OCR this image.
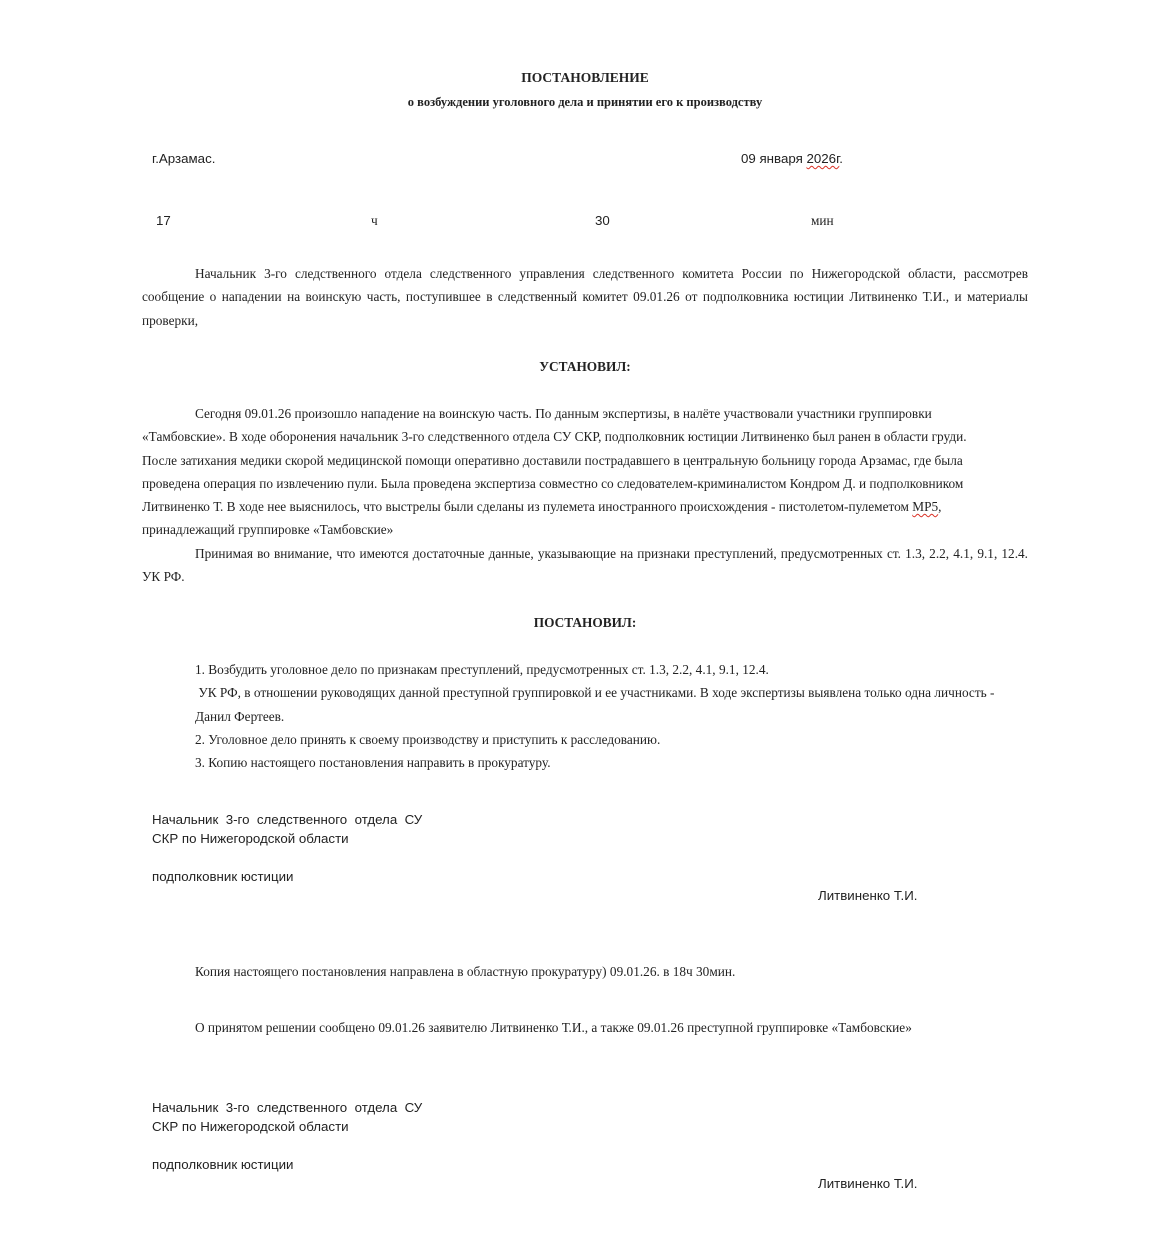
ПОСТАНОВЛЕНИЕ
о возбуждении уголовного дела и принятии его к производству
г.Арзамас.	09 января 2026г.
17	ч	30	мин
Начальник 3-го следственного отдела следственного управления следственного комитета России по Нижегородской области, рассмотрев сообщение о нападении на воинскую часть, поступившее в следственный комитет 09.01.26 от подполковника юстиции Литвиненко Т.И., и материалы проверки,
УСТАНОВИЛ:
Сегодня 09.01.26 произошло нападение на воинскую часть. По данным экспертизы, в налёте участвовали участники группировки
«Тамбовские». В ходе оборонения начальник 3-го следственного отдела СУ СКР, подполковник юстиции Литвиненко был ранен в области груди.
После затихания медики скорой медицинской помощи оперативно доставили пострадавшего в центральную больницу города Арзамас, где была
проведена операция по извлечению пули. Была проведена экспертиза совместно со следователем-криминалистом Кондром Д. и подполковником
Литвиненко Т. В ходе нее выяснилось, что выстрелы были сделаны из пулемета иностранного происхождения - пистолетом-пулеметом MP5,
принадлежащий группировке «Тамбовские»
Принимая во внимание, что имеются достаточные данные, указывающие на признаки преступлений, предусмотренных ст. 1.3, 2.2, 4.1, 9.1, 12.4. УК РФ.
ПОСТАНОВИЛ:
1. Возбудить уголовное дело по признакам преступлений, предусмотренных ст. 1.3, 2.2, 4.1, 9.1, 12.4.
УК РФ, в отношении руководящих данной преступной группировкой и ее участниками. В ходе экспертизы выявлена только одна личность -
Данил Фертеев.
2. Уголовное дело принять к своему производству и приступить к расследованию.
3. Копию настоящего постановления направить в прокуратуру.
Начальник  3-го  следственного  отдела  СУ
СКР по Нижегородской области
подполковник юстиции
Литвиненко Т.И.
Копия настоящего постановления направлена в областную прокуратуру) 09.01.26. в 18ч 30мин.
О принятом решении сообщено 09.01.26 заявителю Литвиненко Т.И., а также 09.01.26 преступной группировке «Тамбовские»
Начальник  3-го  следственного  отдела  СУ
СКР по Нижегородской области
подполковник юстиции
Литвиненко Т.И.
